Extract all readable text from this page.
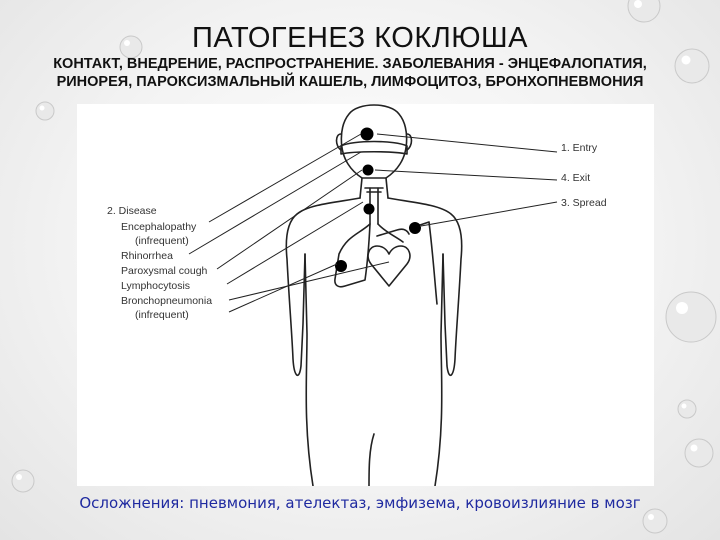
ПАТОГЕНЕЗ КОКЛЮША
КОНТАКТ, ВНЕДРЕНИЕ, РАСПРОСТРАНЕНИЕ. ЗАБОЛЕВАНИЯ - ЭНЦЕФАЛОПАТИЯ, РИНОРЕЯ, ПАРОКСИЗМАЛЬНЫЙ КАШЕЛЬ, ЛИМФОЦИТОЗ, БРОНХОПНЕВМОНИЯ
1. Entry
4. Exit
3. Spread
2. Disease
Encephalopathy
(infrequent)
Rhinorrhea
Paroxysmal cough
Lymphocytosis
Bronchopneumonia
(infrequent)
Осложнения: пневмония, ателектаз, эмфизема, кровоизлияние в мозг
